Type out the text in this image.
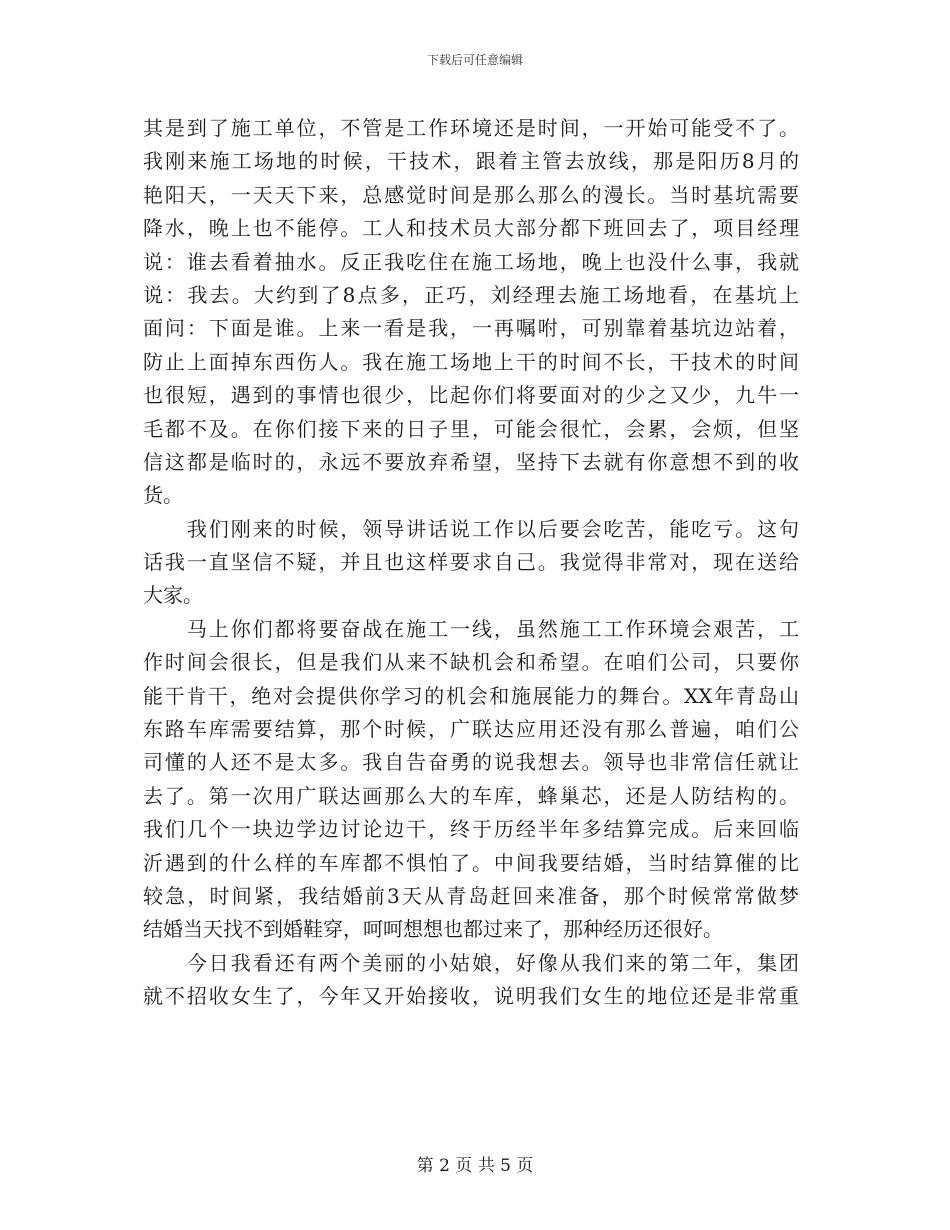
下载后可任意编辑
其是到了施工单位，不管是工作环境还是时间，一开始可能受不了。
我刚来施工场地的时候，干技术，跟着主管去放线，那是阳历8月的
艳阳天，一天天下来，总感觉时间是那么那么的漫长。当时基坑需要
降水，晚上也不能停。工人和技术员大部分都下班回去了，项目经理
说：谁去看着抽水。反正我吃住在施工场地，晚上也没什么事，我就
说：我去。大约到了8点多，正巧，刘经理去施工场地看，在基坑上
面问：下面是谁。上来一看是我，一再嘱咐，可别靠着基坑边站着，
防止上面掉东西伤人。我在施工场地上干的时间不长，干技术的时间
也很短，遇到的事情也很少，比起你们将要面对的少之又少，九牛一
毛都不及。在你们接下来的日子里，可能会很忙，会累，会烦，但坚
信这都是临时的，永远不要放弃希望，坚持下去就有你意想不到的收
货。
　　我们刚来的时候，领导讲话说工作以后要会吃苦，能吃亏。这句
话我一直坚信不疑，并且也这样要求自己。我觉得非常对，现在送给
大家。
　　马上你们都将要奋战在施工一线，虽然施工工作环境会艰苦，工
作时间会很长，但是我们从来不缺机会和希望。在咱们公司，只要你
能干肯干，绝对会提供你学习的机会和施展能力的舞台。XX年青岛山
东路车库需要结算，那个时候，广联达应用还没有那么普遍，咱们公
司懂的人还不是太多。我自告奋勇的说我想去。领导也非常信任就让
去了。第一次用广联达画那么大的车库，蜂巢芯，还是人防结构的。
我们几个一块边学边讨论边干，终于历经半年多结算完成。后来回临
沂遇到的什么样的车库都不惧怕了。中间我要结婚，当时结算催的比
较急，时间紧，我结婚前3天从青岛赶回来准备，那个时候常常做梦
结婚当天找不到婚鞋穿，呵呵想想也都过来了，那种经历还很好。
　　今日我看还有两个美丽的小姑娘，好像从我们来的第二年，集团
就不招收女生了，今年又开始接收，说明我们女生的地位还是非常重
第 2 页 共 5 页
